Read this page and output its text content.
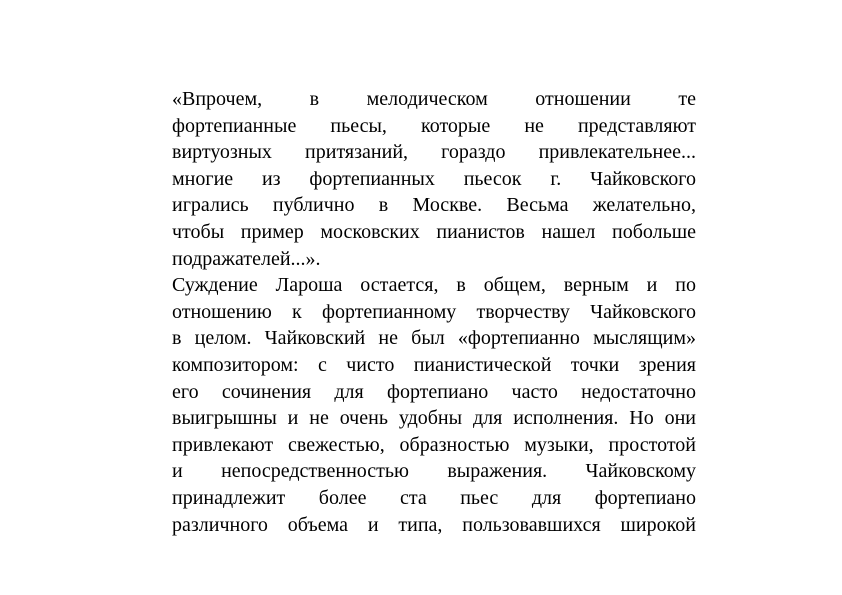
«Впрочем, в мелодическом отношении те
фортепианные пьесы, которые не представляют
виртуозных притязаний, гораздо привлекательнее...
многие из фортепианных пьесок г. Чайковского
игрались публично в Москве. Весьма желательно,
чтобы пример московских пианистов нашел побольше
подражателей...».
Суждение Лароша остается, в общем, верным и по
отношению к фортепианному творчеству Чайковского
в целом. Чайковский не был «фортепианно мыслящим»
композитором: с чисто пианистической точки зрения
его сочинения для фортепиано часто недостаточно
выигрышны и не очень удобны для исполнения. Но они
привлекают свежестью, образностью музыки, простотой
и непосредственностью выражения. Чайковскому
принадлежит более ста пьес для фортепиано
различного объема и типа, пользовавшихся широкой
